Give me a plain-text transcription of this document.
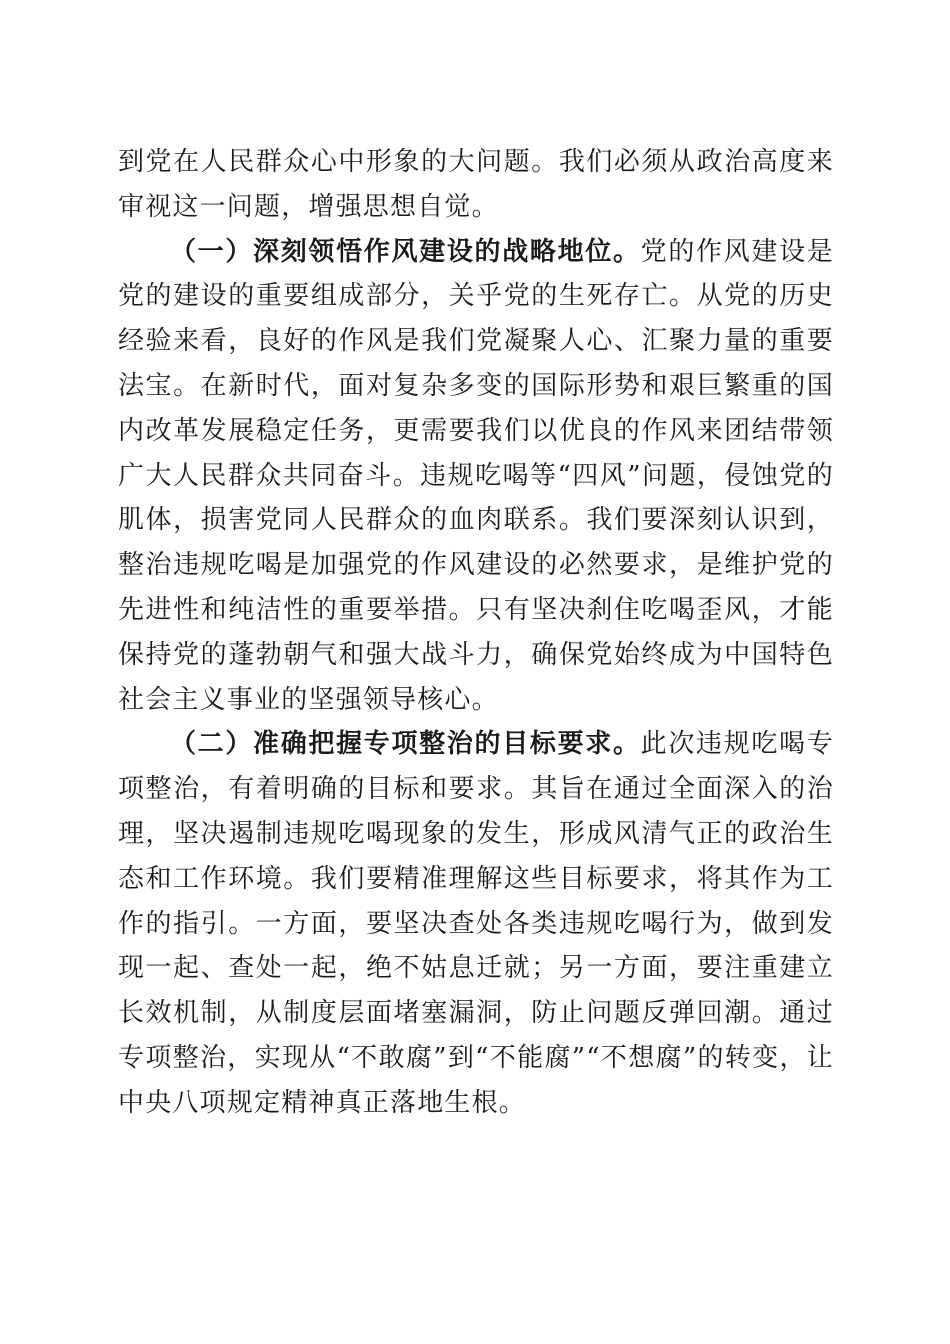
到党在人民群众心中形象的大问题。我们必须从政治高度来审视这一问题，增强思想自觉。

（一）深刻领悟作风建设的战略地位。党的作风建设是党的建设的重要组成部分，关乎党的生死存亡。从党的历史经验来看，良好的作风是我们党凝聚人心、汇聚力量的重要法宝。在新时代，面对复杂多变的国际形势和艰巨繁重的国内改革发展稳定任务，更需要我们以优良的作风来团结带领广大人民群众共同奋斗。违规吃喝等“四风”问题，侵蚀党的肌体，损害党同人民群众的血肉联系。我们要深刻认识到，整治违规吃喝是加强党的作风建设的必然要求，是维护党的先进性和纯洁性的重要举措。只有坚决刹住吃喝歪风，才能保持党的蓬勃朝气和强大战斗力，确保党始终成为中国特色社会主义事业的坚强领导核心。

（二）准确把握专项整治的目标要求。此次违规吃喝专项整治，有着明确的目标和要求。其旨在通过全面深入的治理，坚决遏制违规吃喝现象的发生，形成风清气正的政治生态和工作环境。我们要精准理解这些目标要求，将其作为工作的指引。一方面，要坚决查处各类违规吃喝行为，做到发现一起、查处一起，绝不姑息迁就；另一方面，要注重建立长效机制，从制度层面堵塞漏洞，防止问题反弹回潮。通过专项整治，实现从“不敢腐”到“不能腐”“不想腐”的转变，让中央八项规定精神真正落地生根。
